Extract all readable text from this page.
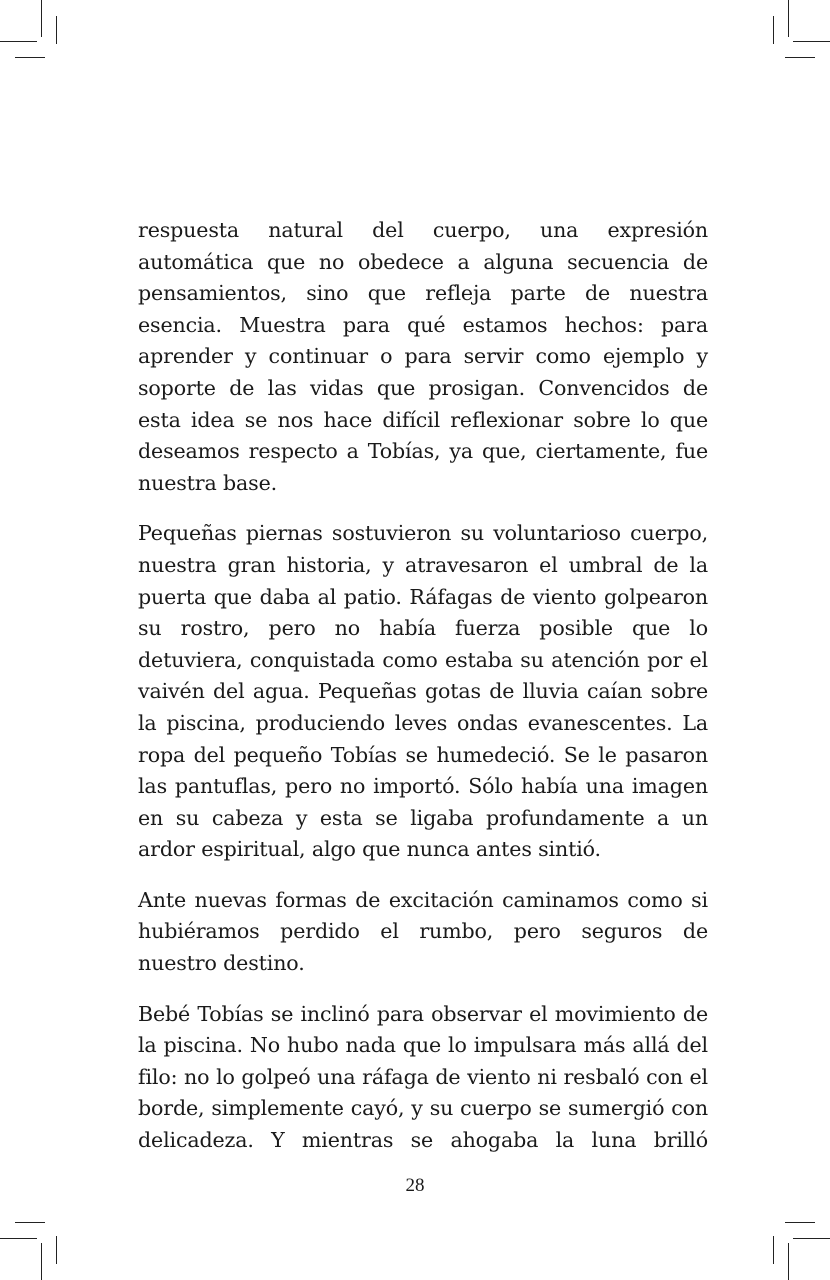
respuesta natural del cuerpo, una expresión automática que no obedece a alguna secuencia de pensamientos, sino que refleja parte de nuestra esencia. Muestra para qué estamos hechos: para aprender y continuar o para servir como ejemplo y soporte de las vidas que prosigan. Convencidos de esta idea se nos hace difícil reflexionar sobre lo que deseamos respecto a Tobías, ya que, ciertamente, fue nuestra base.

Pequeñas piernas sostuvieron su voluntarioso cuerpo, nuestra gran historia, y atravesaron el umbral de la puerta que daba al patio. Ráfagas de viento golpearon su rostro, pero no había fuerza posible que lo detuviera, conquistada como estaba su atención por el vaivén del agua. Pequeñas gotas de lluvia caían sobre la piscina, produciendo leves ondas evanescentes. La ropa del pequeño Tobías se humedeció. Se le pasaron las pantuflas, pero no importó. Sólo había una imagen en su cabeza y esta se ligaba profundamente a un ardor espiritual, algo que nunca antes sintió.

Ante nuevas formas de excitación caminamos como si hubiéramos perdido el rumbo, pero seguros de nuestro destino.

Bebé Tobías se inclinó para observar el movimiento de la piscina. No hubo nada que lo impulsara más allá del filo: no lo golpeó una ráfaga de viento ni resbaló con el borde, simplemente cayó, y su cuerpo se sumergió con delicadeza. Y mientras se ahogaba la luna brilló

28
